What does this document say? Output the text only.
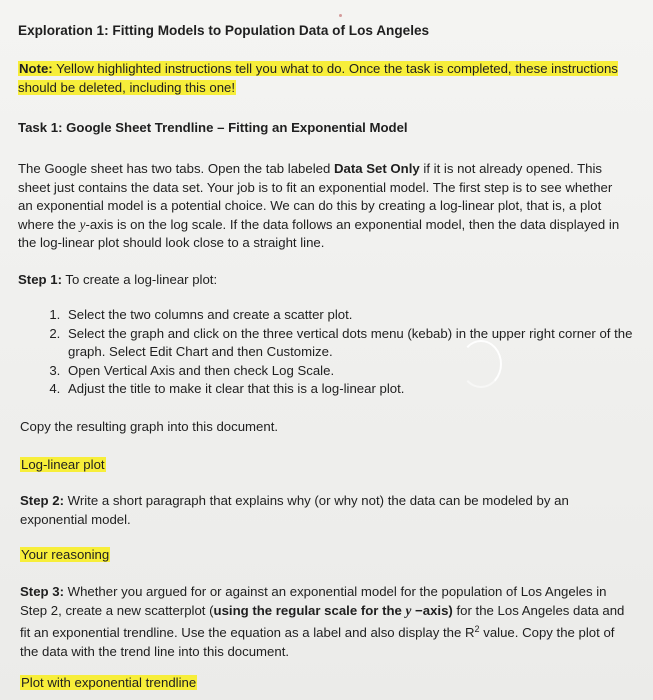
Exploration 1: Fitting Models to Population Data of Los Angeles
Note: Yellow highlighted instructions tell you what to do. Once the task is completed, these instructions should be deleted, including this one!
Task 1: Google Sheet Trendline – Fitting an Exponential Model
The Google sheet has two tabs. Open the tab labeled Data Set Only if it is not already opened. This sheet just contains the data set. Your job is to fit an exponential model. The first step is to see whether an exponential model is a potential choice. We can do this by creating a log-linear plot, that is, a plot where the y-axis is on the log scale. If the data follows an exponential model, then the data displayed in the log-linear plot should look close to a straight line.
Step 1: To create a log-linear plot:
1. Select the two columns and create a scatter plot.
2. Select the graph and click on the three vertical dots menu (kebab) in the upper right corner of the graph. Select Edit Chart and then Customize.
3. Open Vertical Axis and then check Log Scale.
4. Adjust the title to make it clear that this is a log-linear plot.
Copy the resulting graph into this document.
Log-linear plot
Step 2: Write a short paragraph that explains why (or why not) the data can be modeled by an exponential model.
Your reasoning
Step 3: Whether you argued for or against an exponential model for the population of Los Angeles in Step 2, create a new scatterplot (using the regular scale for the y −axis) for the Los Angeles data and fit an exponential trendline. Use the equation as a label and also display the $R^2$ value. Copy the plot of the data with the trend line into this document.
Plot with exponential trendline
